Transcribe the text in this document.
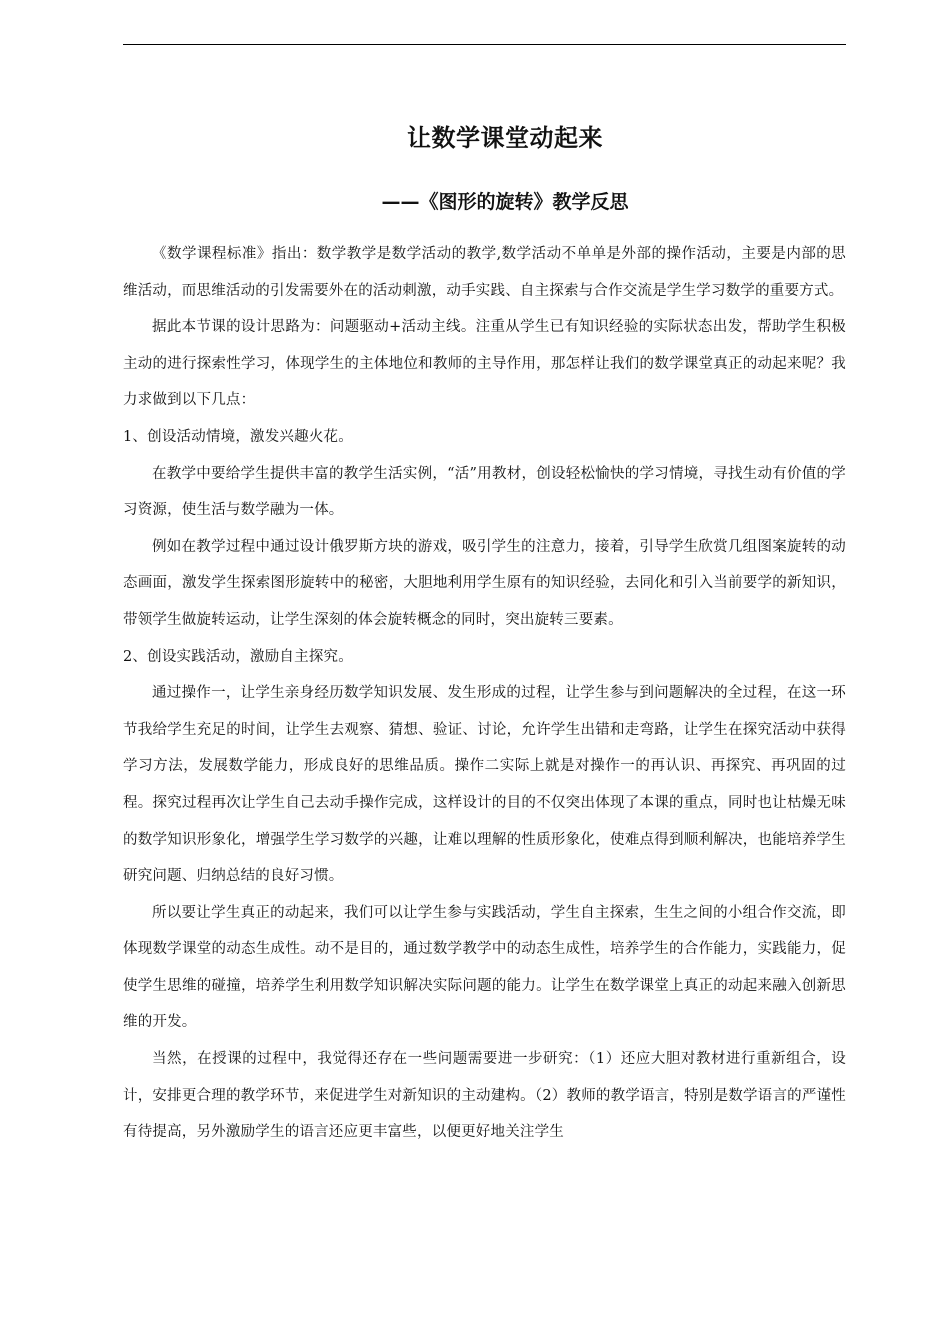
让数学课堂动起来
——《图形的旋转》教学反思

《数学课程标准》指出：数学教学是数学活动的教学,数学活动不单单是外部的操作活动，主要是内部的思维活动，而思维活动的引发需要外在的活动刺激，动手实践、自主探索与合作交流是学生学习数学的重要方式。

据此本节课的设计思路为：问题驱动+活动主线。注重从学生已有知识经验的实际状态出发，帮助学生积极主动的进行探索性学习，体现学生的主体地位和教师的主导作用，那怎样让我们的数学课堂真正的动起来呢？我力求做到以下几点：

1、创设活动情境，激发兴趣火花。

在教学中要给学生提供丰富的教学生活实例，“活”用教材，创设轻松愉快的学习情境，寻找生动有价值的学习资源，使生活与数学融为一体。

例如在教学过程中通过设计俄罗斯方块的游戏，吸引学生的注意力，接着，引导学生欣赏几组图案旋转的动态画面，激发学生探索图形旋转中的秘密，大胆地利用学生原有的知识经验，去同化和引入当前要学的新知识，带领学生做旋转运动，让学生深刻的体会旋转概念的同时，突出旋转三要素。

2、创设实践活动，激励自主探究。

通过操作一，让学生亲身经历数学知识发展、发生形成的过程，让学生参与到问题解决的全过程，在这一环节我给学生充足的时间，让学生去观察、猜想、验证、讨论，允许学生出错和走弯路，让学生在探究活动中获得学习方法，发展数学能力，形成良好的思维品质。操作二实际上就是对操作一的再认识、再探究、再巩固的过程。探究过程再次让学生自己去动手操作完成，这样设计的目的不仅突出体现了本课的重点，同时也让枯燥无味的数学知识形象化，增强学生学习数学的兴趣，让难以理解的性质形象化，使难点得到顺利解决，也能培养学生研究问题、归纳总结的良好习惯。

所以要让学生真正的动起来，我们可以让学生参与实践活动，学生自主探索，生生之间的小组合作交流，即体现数学课堂的动态生成性。动不是目的，通过数学教学中的动态生成性，培养学生的合作能力，实践能力，促使学生思维的碰撞，培养学生利用数学知识解决实际问题的能力。让学生在数学课堂上真正的动起来融入创新思维的开发。

当然，在授课的过程中，我觉得还存在一些问题需要进一步研究：（1）还应大胆对教材进行重新组合，设计，安排更合理的教学环节，来促进学生对新知识的主动建构。（2）教师的教学语言，特别是数学语言的严谨性有待提高，另外激励学生的语言还应更丰富些，以便更好地关注学生
